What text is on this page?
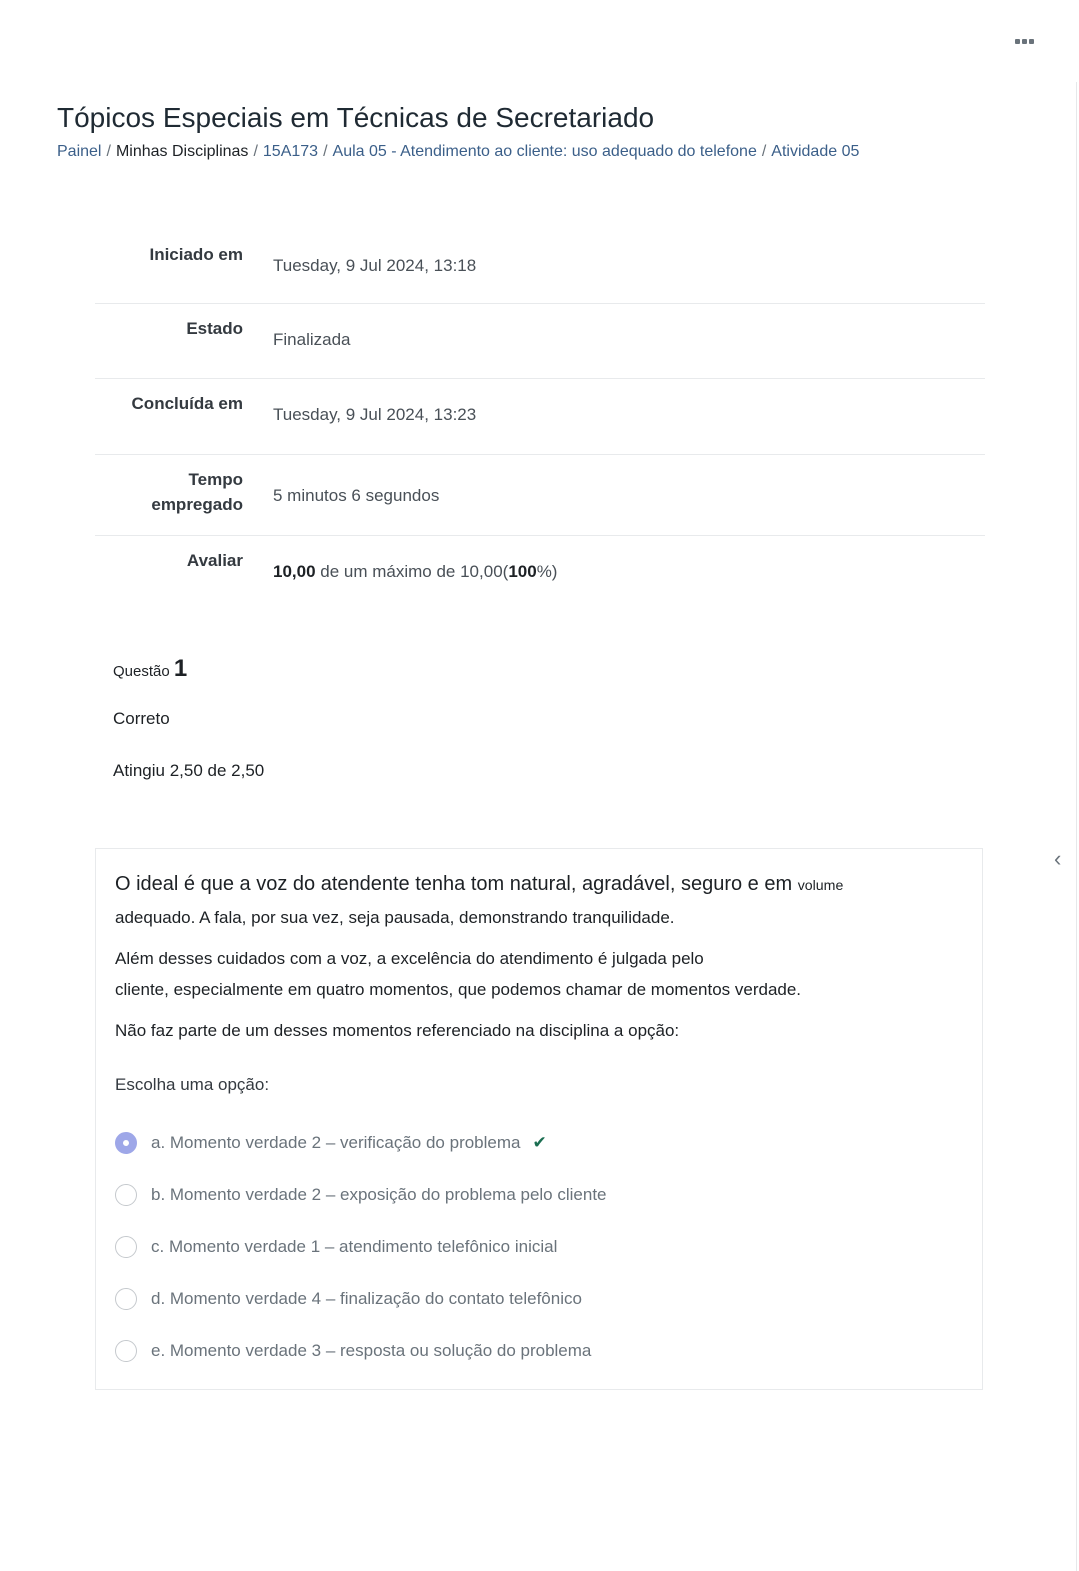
‹
Tópicos Especiais em Técnicas de Secretariado
Painel / Minhas Disciplinas / 15A173 / Aula 05 - Atendimento ao cliente: uso adequado do telefone / Atividade 05
Iniciado em
Tuesday, 9 Jul 2024, 13:18
Estado
Finalizada
Concluída em
Tuesday, 9 Jul 2024, 13:23
Tempo empregado	5 minutos 6 segundos
Avaliar
10,00 de um máximo de 10,00(100%)
Questão 1
Correto
Atingiu 2,50 de 2,50

O ideal é que a voz do atendente tenha tom natural, agradável, seguro e em volume
adequado. A fala, por sua vez, seja pausada, demonstrando tranquilidade.

Além desses cuidados com a voz, a excelência do atendimento é julgada pelo
cliente, especialmente em quatro momentos, que podemos chamar de momentos verdade.

Não faz parte de um desses momentos referenciado na disciplina a opção:

Escolha uma opção:
a. Momento verdade 2 – verificação do problema ✔
b. Momento verdade 2 – exposição do problema pelo cliente
c. Momento verdade 1 – atendimento telefônico inicial
d. Momento verdade 4 – finalização do contato telefônico
e. Momento verdade 3 – resposta ou solução do problema
